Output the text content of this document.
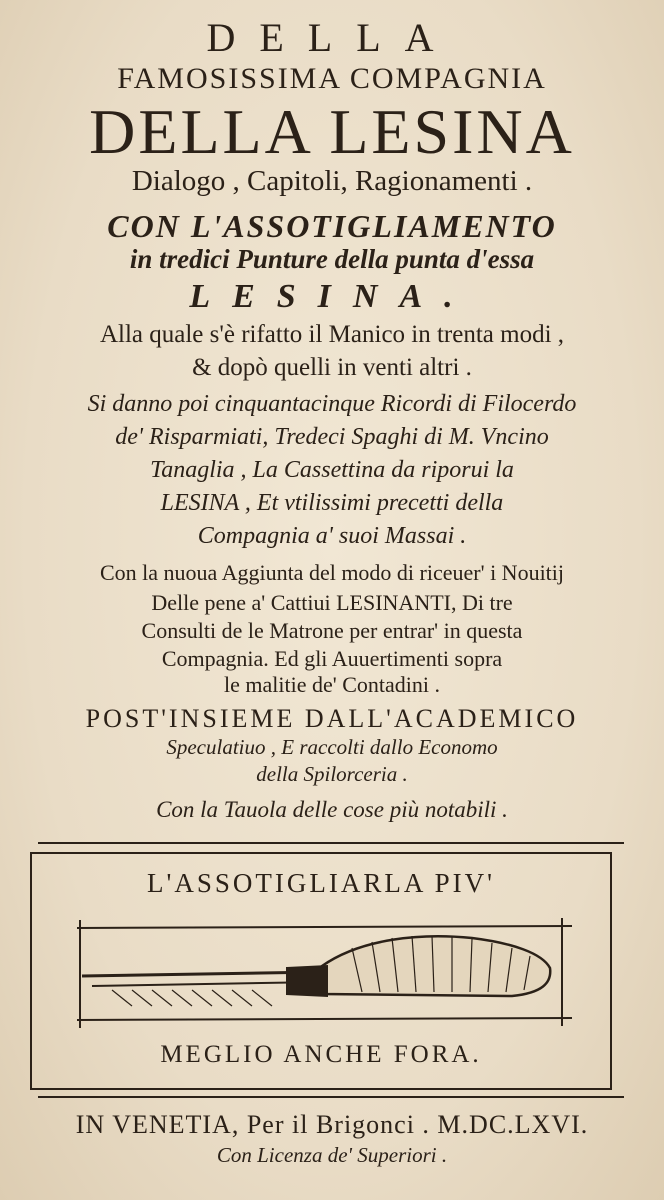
DELLA
FAMOSISSIMA COMPAGNIA
DELLA LESINA
Dialogo , Capitoli, Ragionamenti .
CON L'ASSOTIGLIAMENTO
in tredici Punture della punta d'essa
LESINA.
Alla quale s'è rifatto il Manico in trenta modi ,
& dopò quelli in venti altri .
Si danno poi cinquantacinque Ricordi di Filocerdo
de' Risparmiati, Tredeci Spaghi di M. Vncino
Tanaglia , La Cassettina da riporui la
LESINA , Et vtilissimi precetti della
Compagnia a' suoi Massai .
Con la nuoua Aggiunta del modo di riceuer' i Nouitij
Delle pene a' Cattiui LESINANTI, Di tre
Consulti de le Matrone per entrar' in questa
Compagnia. Ed gli Auuertimenti sopra
le malitie de' Contadini .
POST'INSIEME DALL'ACADEMICO
Speculatiuo , E raccolti dallo Economo
della Spilorceria .
Con la Tauola delle cose più notabili .
L'ASSOTIGLIARLA PIV'
MEGLIO ANCHE FORA.
IN VENETIA, Per il Brigonci . M.DC.LXVI.
Con Licenza de' Superiori .
